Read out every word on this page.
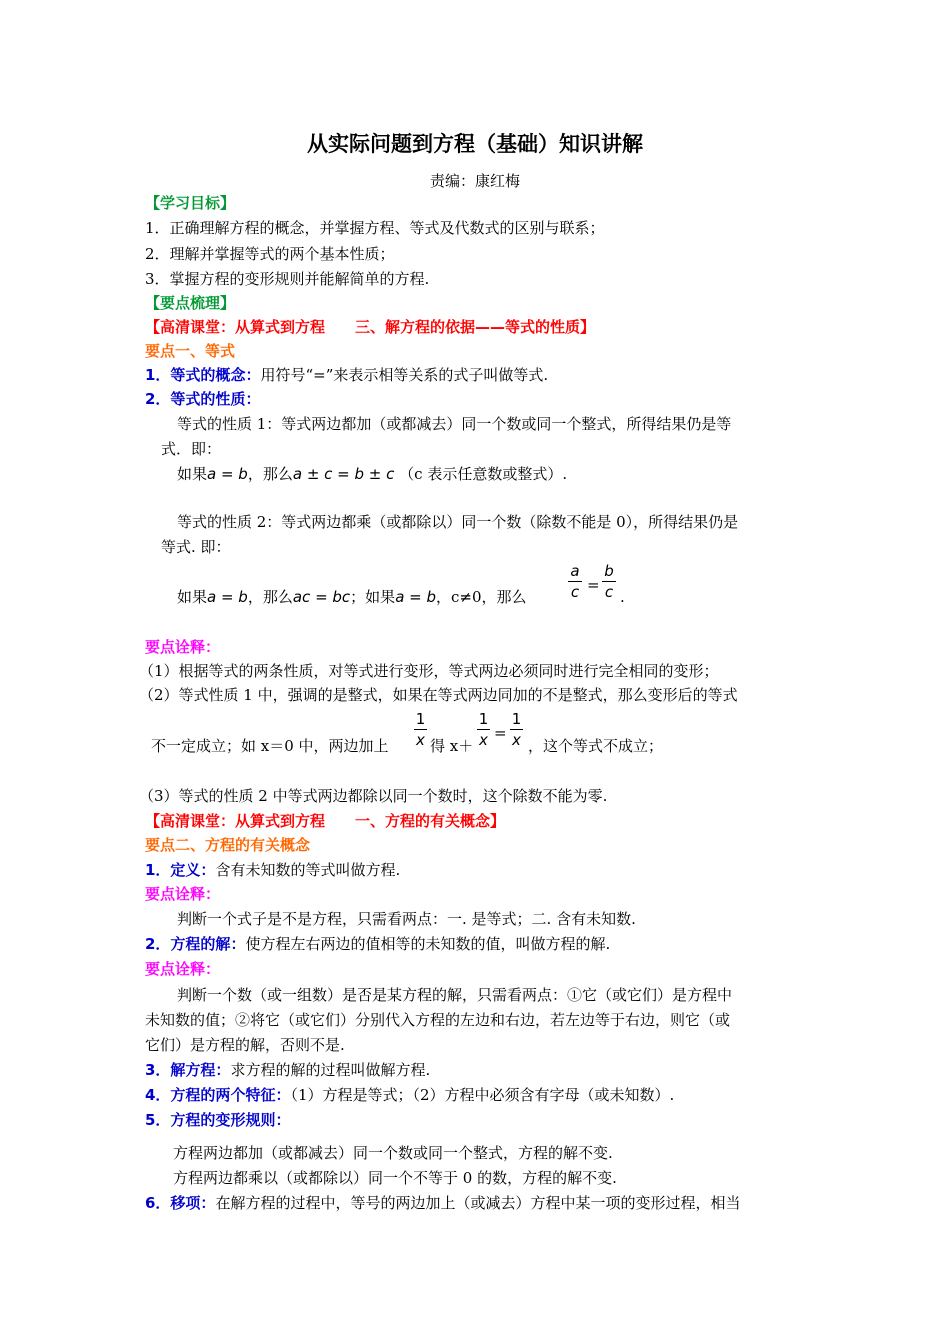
从实际问题到方程（基础）知识讲解
责编：康红梅
【学习目标】
1．正确理解方程的概念，并掌握方程、等式及代数式的区别与联系；
2．理解并掌握等式的两个基本性质；
3．掌握方程的变形规则并能解简单的方程.
【要点梳理】
【高清课堂：从算式到方程　　三、解方程的依据——等式的性质】
要点一、等式
1．等式的概念：用符号“=”来表示相等关系的式子叫做等式.
2．等式的性质：
等式的性质 1：等式两边都加（或都减去）同一个数或同一个整式，所得结果仍是等
式．即：
如果a = b，那么a ± c = b ± c （c 表示任意数或整式）.
等式的性质 2：等式两边都乘（或都除以）同一个数（除数不能是 0），所得结果仍是
等式. 即：
如果a = b，那么ac = bc；如果a = b，c≠0，那么
a
c =
b
c .
要点诠释：
（1）根据等式的两条性质，对等式进行变形，等式两边必须同时进行完全相同的变形；
（2）等式性质 1 中，强调的是整式，如果在等式两边同加的不是整式，那么变形后的等式
不一定成立；如 x＝0 中，两边加上
1
x 得 x＋
1
x =
1
x ，这个等式不成立；
（3）等式的性质 2 中等式两边都除以同一个数时，这个除数不能为零.
【高清课堂：从算式到方程　　一、方程的有关概念】
要点二、方程的有关概念
1．定义：含有未知数的等式叫做方程.
要点诠释：
判断一个式子是不是方程，只需看两点：一. 是等式；二. 含有未知数.
2．方程的解：使方程左右两边的值相等的未知数的值，叫做方程的解.
要点诠释：
判断一个数（或一组数）是否是某方程的解，只需看两点：①它（或它们）是方程中
未知数的值；②将它（或它们）分别代入方程的左边和右边，若左边等于右边，则它（或
它们）是方程的解，否则不是.
3．解方程：求方程的解的过程叫做解方程.
4．方程的两个特征：（1）方程是等式；（2）方程中必须含有字母（或未知数）.
5．方程的变形规则：
方程两边都加（或都减去）同一个数或同一个整式，方程的解不变.
方程两边都乘以（或都除以）同一个不等于 0 的数，方程的解不变.
6．移项：在解方程的过程中，等号的两边加上（或减去）方程中某一项的变形过程，相当
